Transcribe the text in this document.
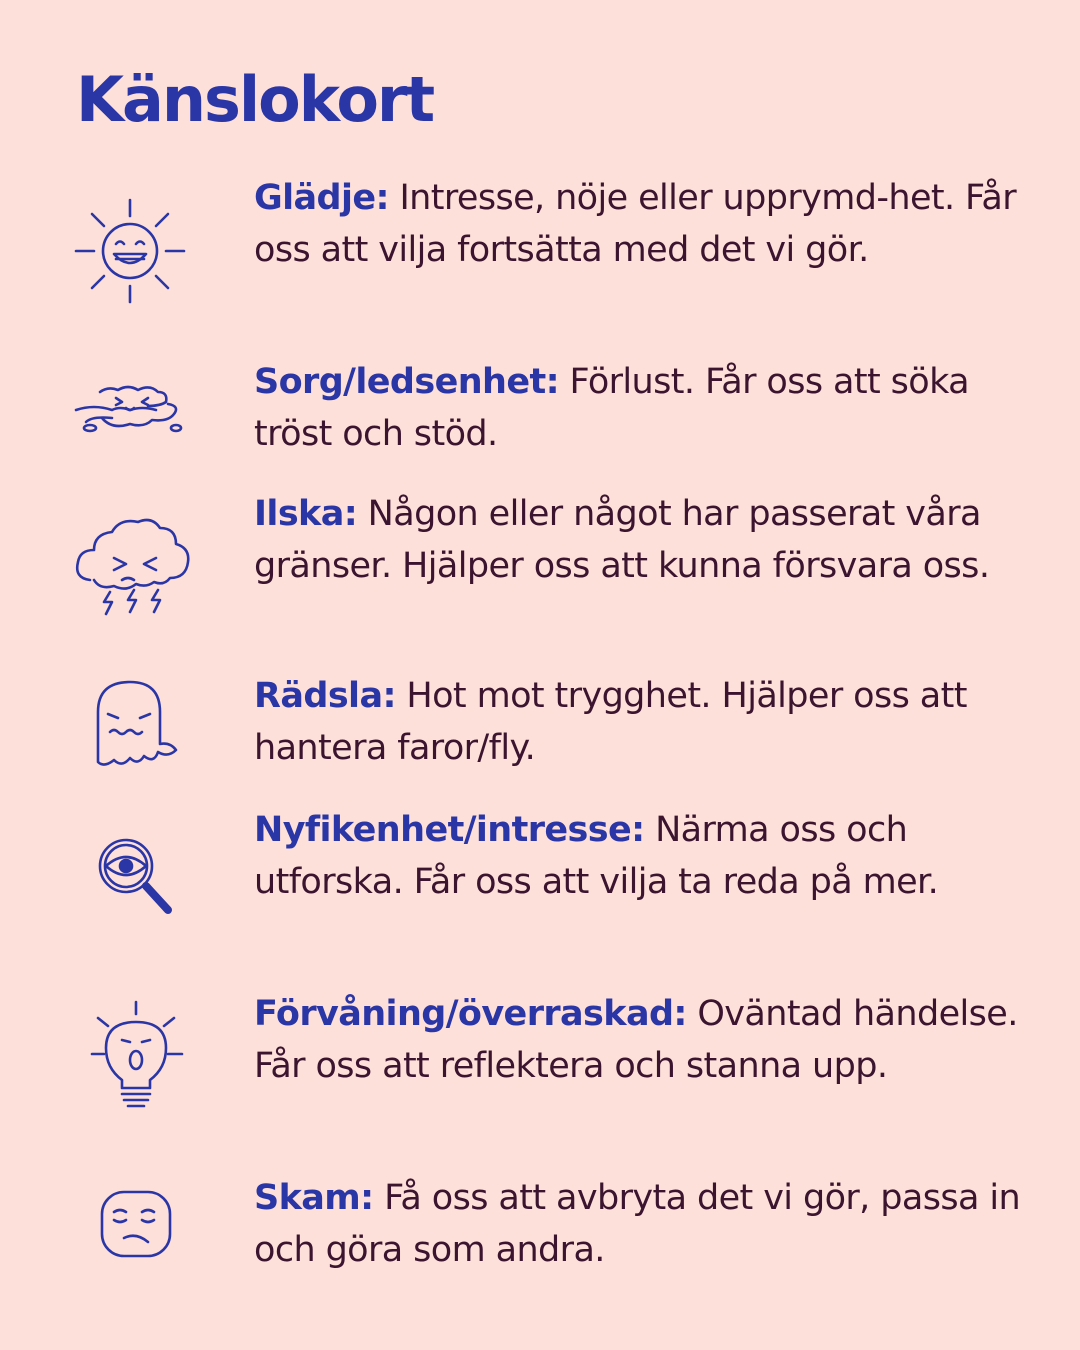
Känslokort
Glädje: Intresse, nöje eller upprymd-het. Får oss att vilja fortsätta med det vi gör.
Sorg/ledsenhet: Förlust. Får oss att söka tröst och stöd.
Ilska: Någon eller något har passerat våra gränser. Hjälper oss att kunna försvara oss.
Rädsla: Hot mot trygghet. Hjälper oss att hantera faror/fly.
Nyfikenhet/intresse: Närma oss och utforska. Får oss att vilja ta reda på mer.
Förvåning/överraskad: Oväntad händelse. Får oss att reflektera och stanna upp.
Skam: Få oss att avbryta det vi gör, passa in och göra som andra.
